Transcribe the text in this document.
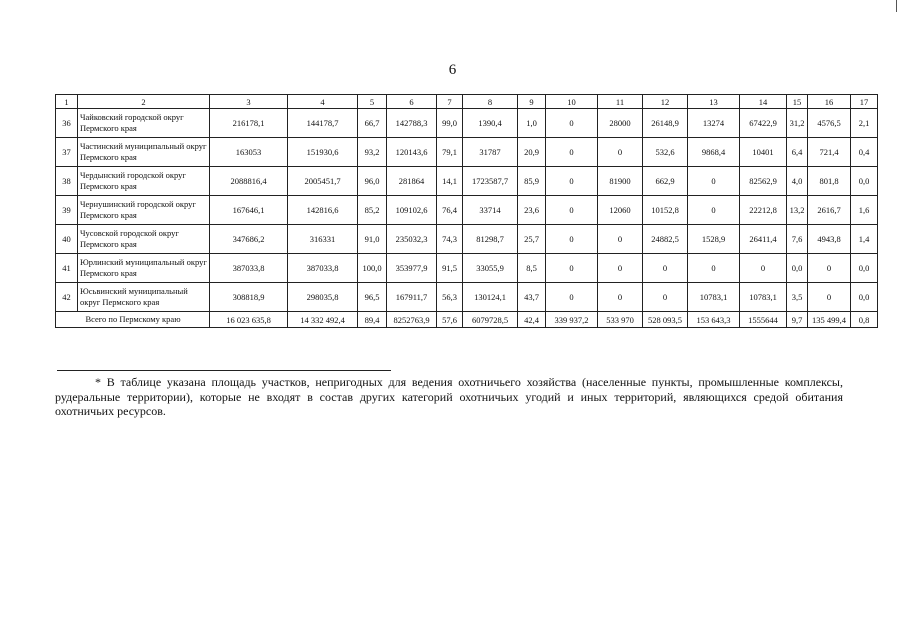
6
1	2	3	4	5	6	7	8	9	10	11	12	13	14	15	16	17
36	Чайковский городской округ Пермского края	216178,1	144178,7	66,7	142788,3	99,0	1390,4	1,0	0	28000	26148,9	13274	67422,9	31,2	4576,5	2,1
37	Частинский муниципальный округ Пермского края	163053	151930,6	93,2	120143,6	79,1	31787	20,9	0	0	532,6	9868,4	10401	6,4	721,4	0,4
38	Чердынский городской округ Пермского края	2088816,4	2005451,7	96,0	281864	14,1	1723587,7	85,9	0	81900	662,9	0	82562,9	4,0	801,8	0,0
39	Чернушинский городской округ Пермского края	167646,1	142816,6	85,2	109102,6	76,4	33714	23,6	0	12060	10152,8	0	22212,8	13,2	2616,7	1,6
40	Чусовской городской округ Пермского края	347686,2	316331	91,0	235032,3	74,3	81298,7	25,7	0	0	24882,5	1528,9	26411,4	7,6	4943,8	1,4
41	Юрлинский муниципальный округ Пермского края	387033,8	387033,8	100,0	353977,9	91,5	33055,9	8,5	0	0	0	0	0	0,0	0	0,0
42	Юсьвинский муниципальный округ Пермского края	308818,9	298035,8	96,5	167911,7	56,3	130124,1	43,7	0	0	0	10783,1	10783,1	3,5	0	0,0
Всего по Пермскому краю		16 023 635,8	14 332 492,4	89,4	8252763,9	57,6	6079728,5	42,4	339 937,2	533 970	528 093,5	153 643,3	1555644	9,7	135 499,4	0,8
* В таблице указана площадь участков, непригодных для ведения охотничьего хозяйства (населенные пункты, промышленные комплексы, рудеральные территории), которые не входят в состав других категорий охотничьих угодий и иных территорий, являющихся средой обитания охотничьих ресурсов.
